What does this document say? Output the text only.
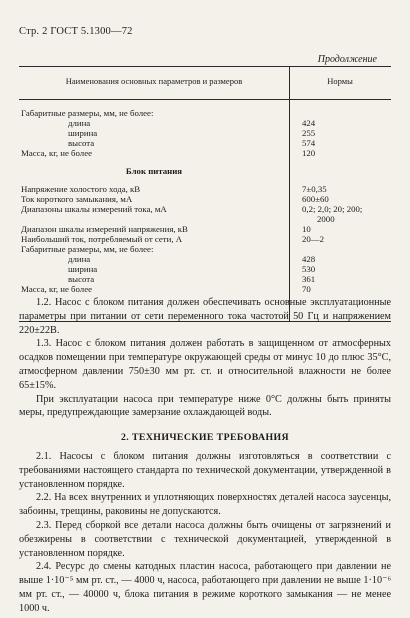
Стр. 2 ГОСТ 5.1300—72
Продолжение
Наименования основных параметров и размеров	Нормы
Габаритные размеры, мм, не более:
длина	424
ширина	255
высота	574
Масса, кг, не более	120
Блок питания
Напряжение холостого хода, кВ	7±0,35
Ток короткого замыкания, мА	600±60
Диапазоны шкалы измерений тока, мА	0,2; 2,0; 20; 200;
2000
Диапазон шкалы измерений напряжения, кВ	10
Наибольший ток, потребляемый от сети, А	20—2
Габаритные размеры, мм, не более:
длина	428
ширина	530
высота	361
Масса, кг, не более	70

1.2. Насос с блоком питания должен обеспечивать основные эксплуатационные параметры при питании от сети переменного тока частотой 50 Гц и напряжением 220±22В.

1.3. Насос с блоком питания должен работать в защищенном от атмосферных осадков помещении при температуре окружающей среды от минус 10 до плюс 35°С, атмосферном давлении 750±30 мм рт. ст. и относительной влажности не более 65±15%.

При эксплуатации насоса при температуре ниже 0°С должны быть приняты меры, предупреждающие замерзание охлаждающей воды.

2. ТЕХНИЧЕСКИЕ ТРЕБОВАНИЯ

2.1. Насосы с блоком питания должны изготовляться в соответствии с требованиями настоящего стандарта по технической документации, утвержденной в установленном порядке.

2.2. На всех внутренних и уплотняющих поверхностях деталей насоса заусенцы, забоины, трещины, раковины не допускаются.

2.3. Перед сборкой все детали насоса должны быть очищены от загрязнений и обезжирены в соответствии с технической документацией, утвержденной в установленном порядке.

2.4. Ресурс до смены катодных пластин насоса, работающего при давлении не выше 1·10⁻⁵ мм рт. ст., — 4000 ч, насоса, работающего при давлении не выше 1·10⁻⁶ мм рт. ст., — 40000 ч, блока питания в режиме короткого замыкания — не менее 1000 ч.
